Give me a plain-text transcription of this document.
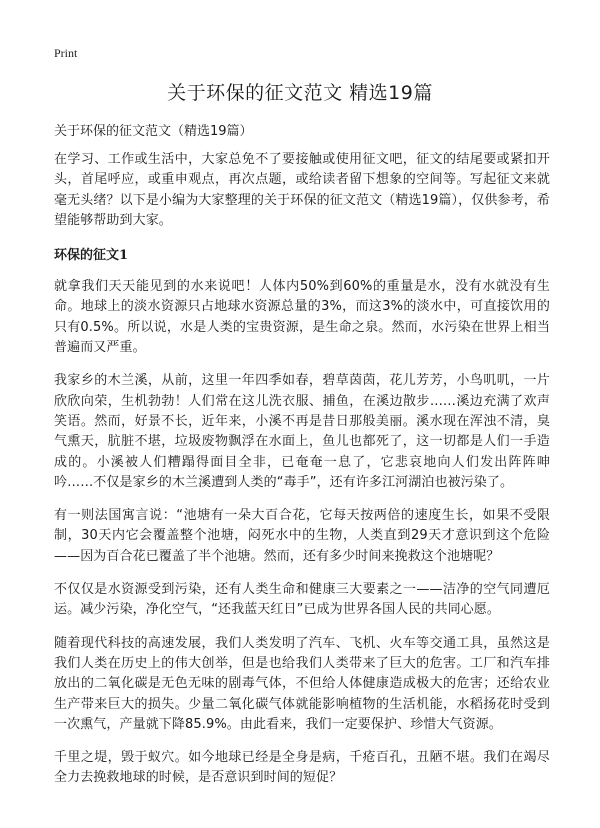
Print
关于环保的征文范文 精选19篇

关于环保的征文范文（精选19篇）

在学习、工作或生活中，大家总免不了要接触或使用征文吧，征文的结尾要或紧扣开头，首尾呼应，或重申观点，再次点题，或给读者留下想象的空间等。写起征文来就毫无头绪？以下是小编为大家整理的关于环保的征文范文（精选19篇），仅供参考，希望能够帮助到大家。

环保的征文1

就拿我们天天能见到的水来说吧！人体内50%到60%的重量是水，没有水就没有生命。地球上的淡水资源只占地球水资源总量的3%，而这3%的淡水中，可直接饮用的只有0.5%。所以说，水是人类的宝贵资源，是生命之泉。然而，水污染在世界上相当普遍而又严重。

我家乡的木兰溪，从前，这里一年四季如春，碧草茵茵，花儿芳芳，小鸟叽叽，一片欣欣向荣，生机勃勃！人们常在这儿洗衣服、捕鱼，在溪边散步……溪边充满了欢声笑语。然而，好景不长，近年来，小溪不再是昔日那般美丽。溪水现在浑浊不清，臭气熏天，肮脏不堪，垃圾废物飘浮在水面上，鱼儿也都死了，这一切都是人们一手造成的。小溪被人们糟蹋得面目全非，已奄奄一息了，它悲哀地向人们发出阵阵呻吟……不仅是家乡的木兰溪遭到人类的“毒手”，还有许多江河湖泊也被污染了。

有一则法国寓言说：“池塘有一朵大百合花，它每天按两倍的速度生长，如果不受限制，30天内它会覆盖整个池塘，闷死水中的生物，人类直到29天才意识到这个危险——因为百合花已覆盖了半个池塘。然而，还有多少时间来挽救这个池塘呢？

不仅仅是水资源受到污染，还有人类生命和健康三大要素之一——洁净的空气同遭厄运。减少污染，净化空气，“还我蓝天红日”已成为世界各国人民的共同心愿。

随着现代科技的高速发展，我们人类发明了汽车、飞机、火车等交通工具，虽然这是我们人类在历史上的伟大创举，但是也给我们人类带来了巨大的危害。工厂和汽车排放出的二氧化碳是无色无味的剧毒气体，不但给人体健康造成极大的危害；还给农业生产带来巨大的损失。少量二氧化碳气体就能影响植物的生活机能，水稻扬花时受到一次熏气，产量就下降85.9%。由此看来，我们一定要保护、珍惜大气资源。

千里之堤，毁于蚁穴。如今地球已经是全身是病，千疮百孔，丑陋不堪。我们在竭尽全力去挽救地球的时候，是否意识到时间的短促？
